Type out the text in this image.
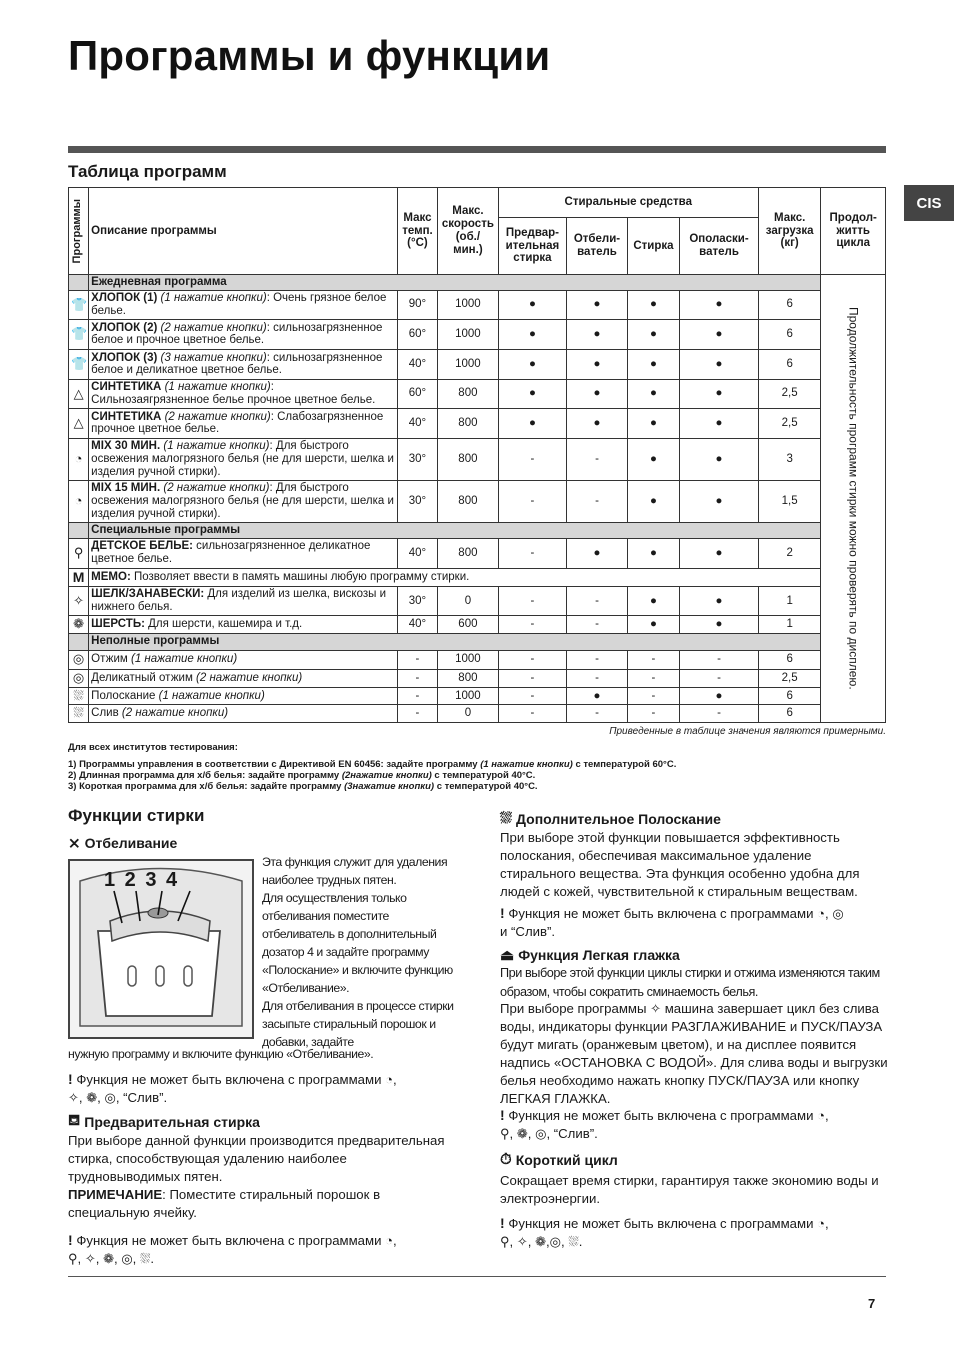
Программы и функции
CIS
Таблица программ
Программы	Описание программы	Макс темп. (°C)	Макс. скорость (об./ мин.)	Стиральные средства				Макс. загрузка (кг)	Продол-житть цикла
				Предвар-ительная стирка	Отбели-ватель	Стирка	Ополаски-ватель		
	Ежедневная программа								Продолжительность программ стирки можно проверять по дисплею.

👕	ХЛОПОК (1) (1 нажатие кнопки): Очень грязное белое белье.	90°	1000	●	●	●	●	6	
👕	ХЛОПОК (2) (2 нажатие кнопки): сильнозагрязненное белое и прочное цветное белье.	60°	1000	●	●	●	●	6	
👕	ХЛОПОК (3) (3 нажатие кнопки): сильнозагрязненное белое и деликатное цветное белье.	40°	1000	●	●	●	●	6	
△	СИНТЕТИКА (1 нажатие кнопки): Сильнозаягрязненное белье прочное цветное белье.	60°	800	●	●	●	●	2,5	
△	СИНТЕТИКА (2 нажатие кнопки): Слабозагрязненное прочное цветное белье.	40°	800	●	●	●	●	2,5	
◔	MIX 30 МИН. (1 нажатие кнопки): Для быстрого освежения малогрязного белья (не для шерсти, шелка и изделия ручной стирки).	30°	800	-	-	●	●	3	
◔	MIX 15 МИН. (2 нажатие кнопки): Для быстрого освежения малогрязного белья (не для шерсти, шелка и изделия ручной стирки).	30°	800	-	-	●	●	1,5	
	Специальные программы								
⚲	ДЕТСКОЕ БЕЛЬЕ: сильнозагрязненное деликатное цветное белье.	40°	800	-	●	●	●	2	
M	МЕМО: Позволяет ввести в память машины любую программу стирки.								
✧	ШЕЛК/ЗАНАВЕСКИ: Для изделий из шелка, вискозы и нижнего белья.	30°	0	-	-	●	●	1	
❁	ШЕРСТЬ: Для шерсти, кашемира и т.д.	40°	600	-	-	●	●	1	
	Неполные программы								
◎	Отжим (1 нажатие кнопки)	-	1000	-	-	-	-	6	
◎	Деликатный отжим (2 нажатие кнопки)	-	800	-	-	-	-	2,5	
⛆	Полоскание (1 нажатие кнопки)	-	1000	-	●	-	●	6	
⛆	Слив (2 нажатие кнопки)	-	0	-	-	-	-	6	
Приведенные в таблице значения являются примерными.
Для всех институтов тестирования:
1) Программы управления в соответствии с Директивой EN 60456: задайте программу (1 нажатие кнопки) с температурой 60°C.
2) Длинная программа для х/б белья: задайте программу (2нажатие кнопки) с температурой 40°C.
3) Короткая программа для х/б белья: задайте программу (3нажатие кнопки) с температурой 40°C.
Функции стирки
⨯ Отбеливание
1 2 3 4

Эта функция служит для удаления наиболее трудных пятен.

Для осуществления только отбеливания поместите отбеливатель в дополнительный дозатор 4 и задайте программу «Полоскание» и включите функцию «Отбеливание».

Для отбеливания в процессе стирки засыпьте стиральный порошок и добавки, задайте

нужную программу и включите функцию «Отбеливание».
! Функция не может быть включена с программами ◔,
✧, ❁, ◎, “Слив”.
⛾ Предварительная стирка

При выборе данной функции производится предварительная стирка, способствующая удалению наиболее трудновыводимых пятен.

ПРИМЕЧАНИЕ: Поместите стиральный порошок в специальную ячейку.

! Функция не может быть включена с программами ◔,
⚲, ✧, ❁, ◎, ⛆.
⛆ Дополнительное Полоскание
При выборе этой функции повышается эффективность полоскания, обеспечивая максимальное удаление стирального вещества. Эта функция особенно удобна для людей с кожей, чувствительной к стиральным веществам.
! Функция не может быть включена с программами ◔, ◎
и “Слив”.
⏏ Функция Легкая глажка
При выборе этой функции циклы стирки и отжима изменяются таким образом, чтобы сократить сминаемость белья.
При выборе программы ✧ машина завершает цикл без слива воды, индикаторы функции РАЗГЛАЖИВАНИЕ и ПУСК/ПАУЗА будут мигать (оранжевым цветом), и на дисплее появится надпись «ОСТАНОВКА С ВОДОЙ». Для слива воды и выгрузки белья необходимо нажать кнопку ПУСК/ПАУЗА или кнопку ЛЕГКАЯ ГЛАЖКА.
! Функция не может быть включена с программами ◔,
⚲, ❁, ◎, “Слив”.
⏱ Короткий цикл
Сокращает время стирки, гарантируя также экономию воды и электроэнергии.
! Функция не может быть включена с программами ◔,
⚲, ✧, ❁,◎, ⛆.
7
